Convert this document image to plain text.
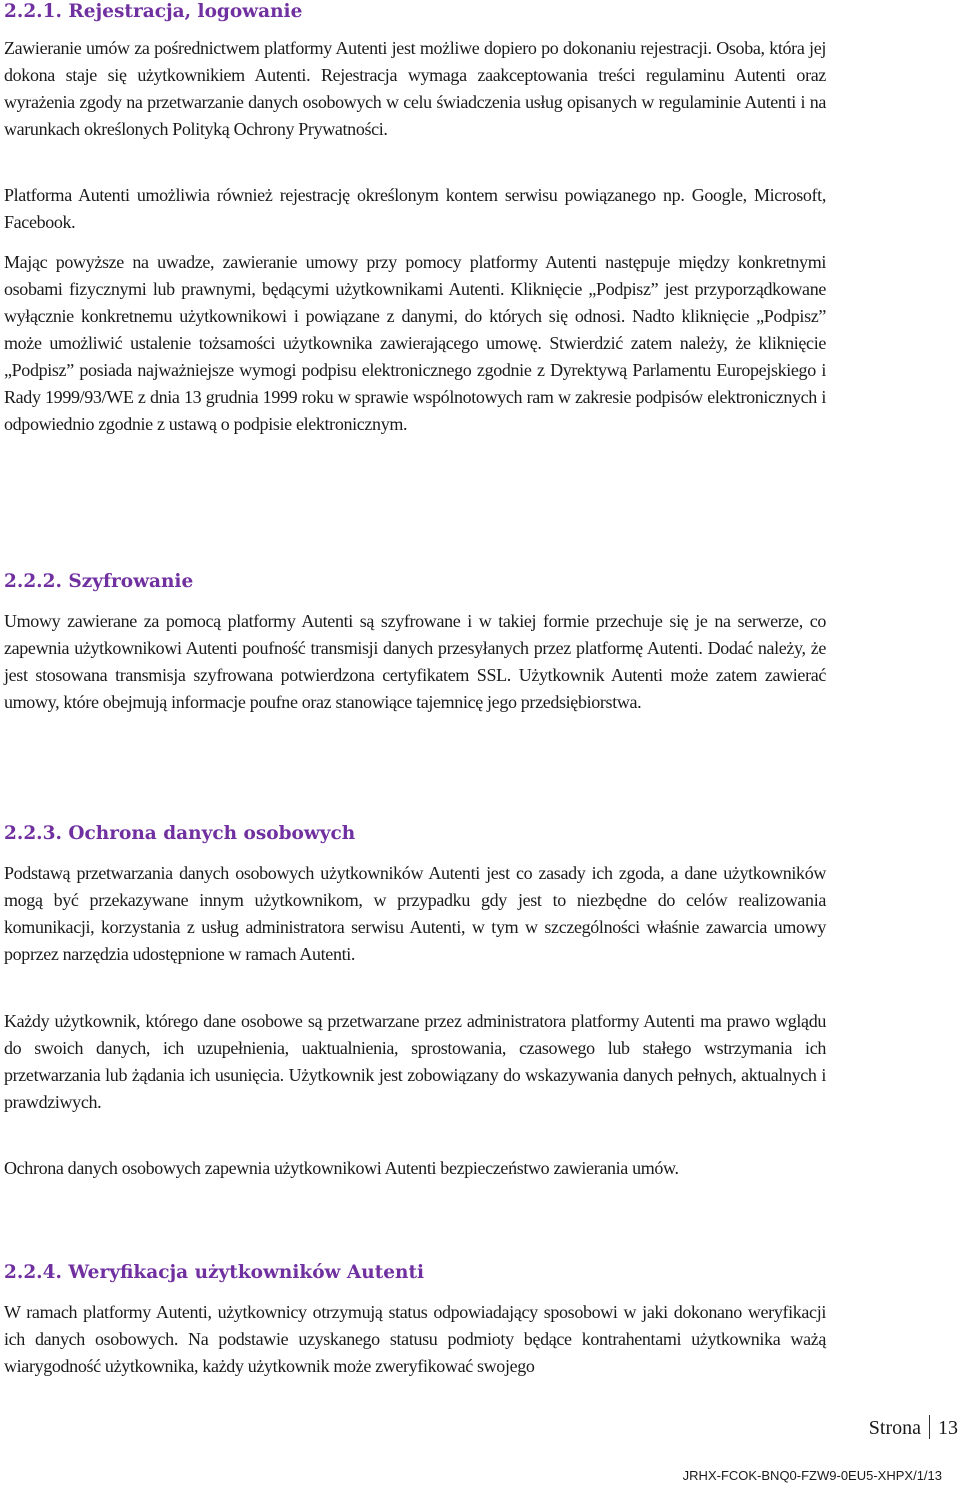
2.2.1. Rejestracja, logowanie

Zawieranie umów za pośrednictwem platformy Autenti jest możliwe dopiero po dokonaniu rejestracji. Osoba, która jej dokona staje się użytkownikiem Autenti. Rejestracja wymaga zaakceptowania treści regulaminu Autenti oraz wyrażenia zgody na przetwarzanie danych osobowych w celu świadczenia usług opisanych w regulaminie Autenti i na warunkach określonych Polityką Ochrony Prywatności.

Platforma Autenti umożliwia również rejestrację określonym kontem serwisu powiązanego np. Google, Microsoft, Facebook.

Mając powyższe na uwadze, zawieranie umowy przy pomocy platformy Autenti następuje między konkretnymi osobami fizycznymi lub prawnymi, będącymi użytkownikami Autenti. Kliknięcie „Podpisz” jest przyporządkowane wyłącznie konkretnemu użytkownikowi i powiązane z danymi, do których się odnosi. Nadto kliknięcie „Podpisz” może umożliwić ustalenie tożsamości użytkownika zawierającego umowę. Stwierdzić zatem należy, że kliknięcie „Podpisz” posiada najważniejsze wymogi podpisu elektronicznego zgodnie z Dyrektywą Parlamentu Europejskiego i Rady 1999/93/WE z dnia 13 grudnia 1999 roku w sprawie wspólnotowych ram w zakresie podpisów elektronicznych i odpowiednio zgodnie z ustawą o podpisie elektronicznym.

2.2.2. Szyfrowanie

Umowy zawierane za pomocą platformy Autenti są szyfrowane i w takiej formie przechuje się je na serwerze, co zapewnia użytkownikowi Autenti poufność transmisji danych przesyłanych przez platformę Autenti. Dodać należy, że jest stosowana transmisja szyfrowana potwierdzona certyfikatem SSL. Użytkownik Autenti może zatem zawierać umowy, które obejmują informacje poufne oraz stanowiące tajemnicę jego przedsiębiorstwa.

2.2.3. Ochrona danych osobowych

Podstawą przetwarzania danych osobowych użytkowników Autenti jest co zasady ich zgoda, a dane użytkowników mogą być przekazywane innym użytkownikom, w przypadku gdy jest to niezbędne do celów realizowania komunikacji, korzystania z usług administratora serwisu Autenti, w tym w szczególności właśnie zawarcia umowy poprzez narzędzia udostępnione w ramach Autenti.

Każdy użytkownik, którego dane osobowe są przetwarzane przez administratora platformy Autenti ma prawo wglądu do swoich danych, ich uzupełnienia, uaktualnienia, sprostowania, czasowego lub stałego wstrzymania ich przetwarzania lub żądania ich usunięcia. Użytkownik jest zobowiązany do wskazywania danych pełnych, aktualnych i prawdziwych.

Ochrona danych osobowych zapewnia użytkownikowi Autenti bezpieczeństwo zawierania umów.

2.2.4. Weryfikacja użytkowników Autenti

W ramach platformy Autenti, użytkownicy otrzymują status odpowiadający sposobowi w jaki dokonano weryfikacji ich danych osobowych. Na podstawie uzyskanego statusu podmioty będące kontrahentami użytkownika ważą wiarygodność użytkownika, każdy użytkownik może zweryfikować swojego

Strona 13
JRHX-FCOK-BNQ0-FZW9-0EU5-XHPX/1/13
